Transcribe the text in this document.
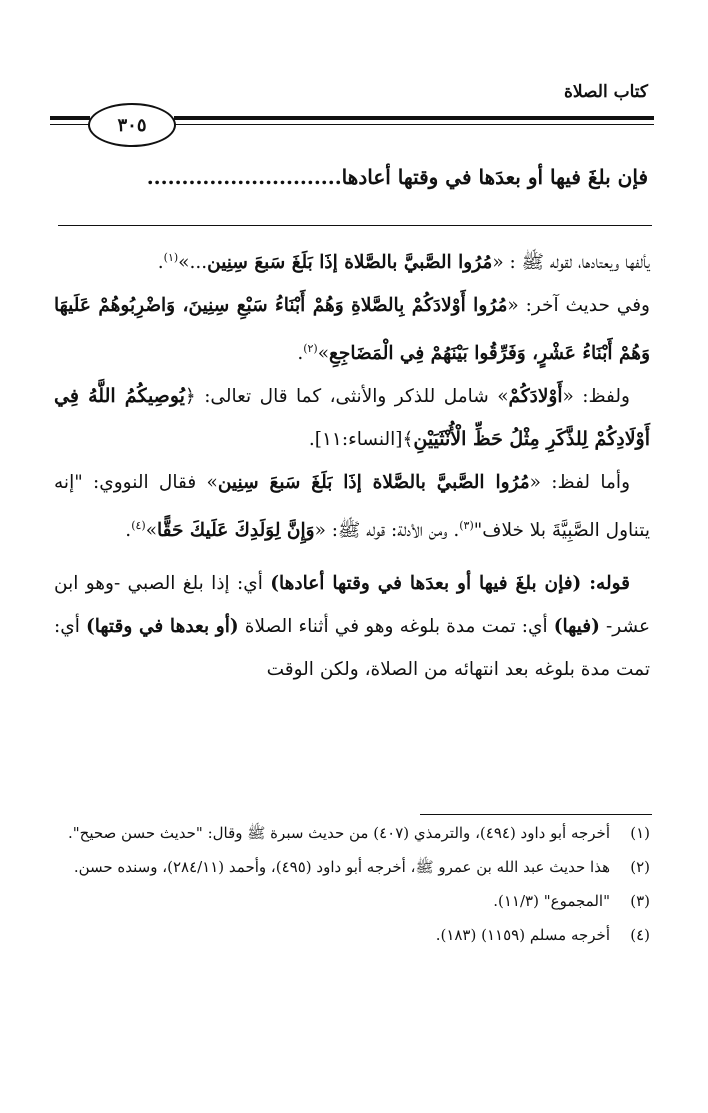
كتاب الصلاة
٣٠٥
فإن بلغَ فيها أو بعدَها في وقتها أعادها............................

يألفها ويعتادها، لقوله ﷺ : «مُرُوا الصَّبيَّ بالصَّلاة إذَا بَلَغَ سَبعَ سِنِين...»$^{(١)}$.

وفي حديث آخر: «مُرُوا أَوْلادَكُمْ بِالصَّلاةِ وَهُمْ أَبْنَاءُ سَبْعِ سِنِينَ، وَاضْرِبُوهُمْ عَلَيهَا وَهُمْ أَبْنَاءُ عَشْرٍ، وَفَرِّقُوا بَيْنَهُمْ فِي الْمَضَاجِعِ»$^{(٢)}$.

ولفظ: «أَوْلادَكُمْ» شامل للذكر والأنثى، كما قال تعالى: ﴿يُوصِيكُمُ اللَّهُ فِي أَوْلَادِكُمْ لِلذَّكَرِ مِثْلُ حَظِّ الْأُنْثَيَيْنِ﴾[النساء:١١].

وأما لفظ: «مُرُوا الصَّبيَّ بالصَّلاة إذَا بَلَغَ سَبعَ سِنِين» فقال النووي: "إنه يتناول الصَّبِيَّةَ بلا خلاف"$^{(٣)}$. ومن الأدلة: قوله ﷺ: «وَإِنَّ لِوَلَدِكَ عَلَيكَ حَقًّا»$^{(٤)}$.

قوله: (فإن بلغَ فيها أو بعدَها في وقتها أعادها) أي: إذا بلغ الصبي -وهو ابن عشر- (فيها) أي: تمت مدة بلوغه وهو في أثناء الصلاة (أو بعدها في وقتها) أي: تمت مدة بلوغه بعد انتهائه من الصلاة، ولكن الوقت

(١)
أخرجه أبو داود (٤٩٤)، والترمذي (٤٠٧) من حديث سبرة ﷺ وقال: "حديث حسن صحيح".
(٢)
هذا حديث عبد الله بن عمرو ﷺ، أخرجه أبو داود (٤٩٥)، وأحمد (٢٨٤/١١)، وسنده حسن.
(٣)
"المجموع" (١١/٣).
(٤)
أخرجه مسلم (١١٥٩) (١٨٣).
